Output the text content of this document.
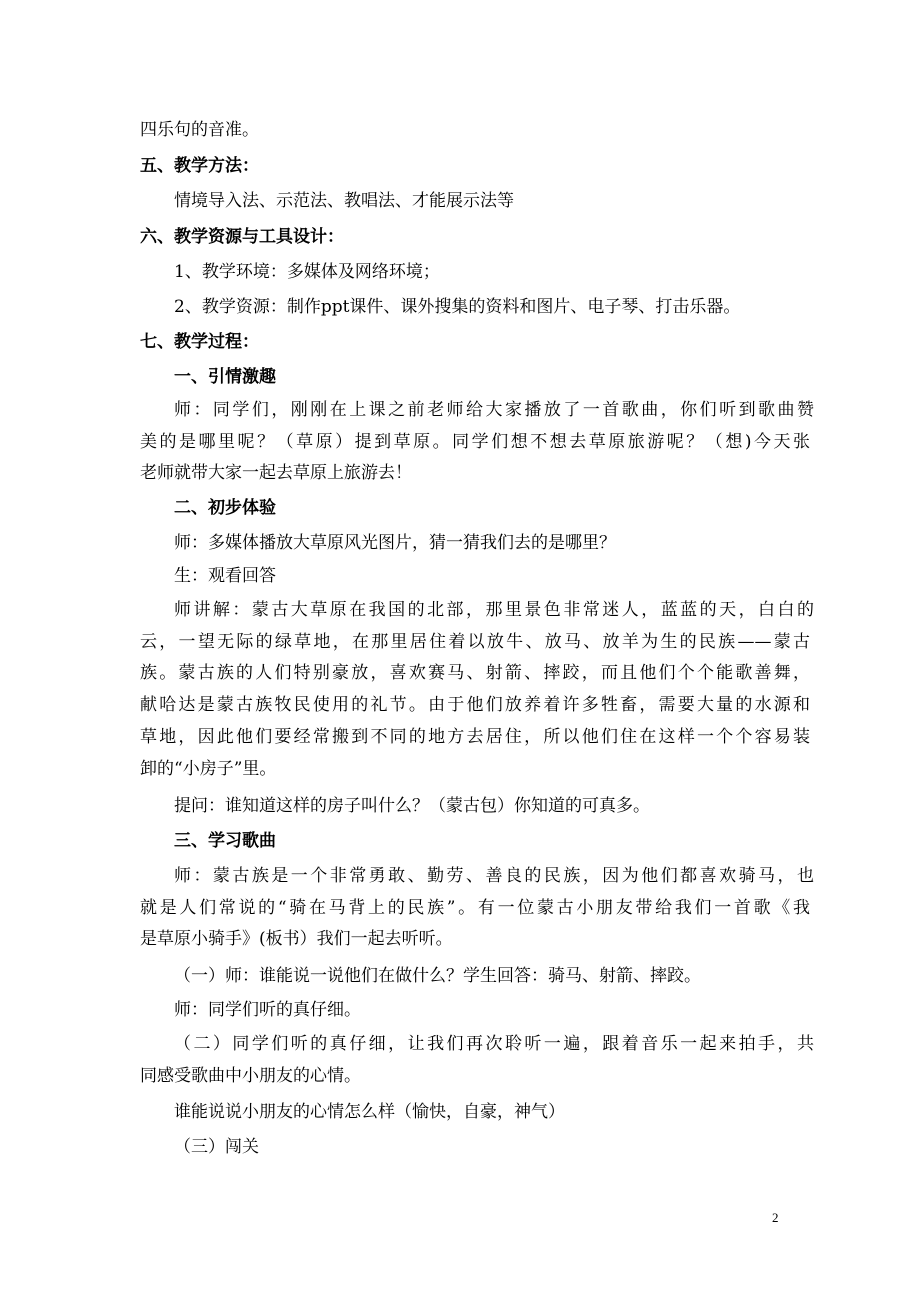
四乐句的音准。
五、教学方法：
情境导入法、示范法、教唱法、才能展示法等
六、教学资源与工具设计：
1、教学环境：多媒体及网络环境；
2、教学资源：制作ppt课件、课外搜集的资料和图片、电子琴、打击乐器。
七、教学过程：
一、引情激趣
师：同学们，刚刚在上课之前老师给大家播放了一首歌曲，你们听到歌曲赞
美的是哪里呢？（草原）提到草原。同学们想不想去草原旅游呢？（想)今天张
老师就带大家一起去草原上旅游去！
二、初步体验
师：多媒体播放大草原风光图片，猜一猜我们去的是哪里？
生：观看回答
师讲解：蒙古大草原在我国的北部，那里景色非常迷人，蓝蓝的天，白白的
云，一望无际的绿草地，在那里居住着以放牛、放马、放羊为生的民族——蒙古
族。蒙古族的人们特别豪放，喜欢赛马、射箭、摔跤，而且他们个个能歌善舞，
献哈达是蒙古族牧民使用的礼节。由于他们放养着许多牲畜，需要大量的水源和
草地，因此他们要经常搬到不同的地方去居住，所以他们住在这样一个个容易装
卸的“小房子”里。
提问：谁知道这样的房子叫什么？（蒙古包）你知道的可真多。
三、学习歌曲
师：蒙古族是一个非常勇敢、勤劳、善良的民族，因为他们都喜欢骑马，也
就是人们常说的“骑在马背上的民族”。有一位蒙古小朋友带给我们一首歌《我
是草原小骑手》(板书）我们一起去听听。
（一）师：谁能说一说他们在做什么？学生回答：骑马、射箭、摔跤。
师：同学们听的真仔细。
（二）同学们听的真仔细，让我们再次聆听一遍，跟着音乐一起来拍手，共
同感受歌曲中小朋友的心情。
谁能说说小朋友的心情怎么样（愉快，自豪，神气）
（三）闯关
2
